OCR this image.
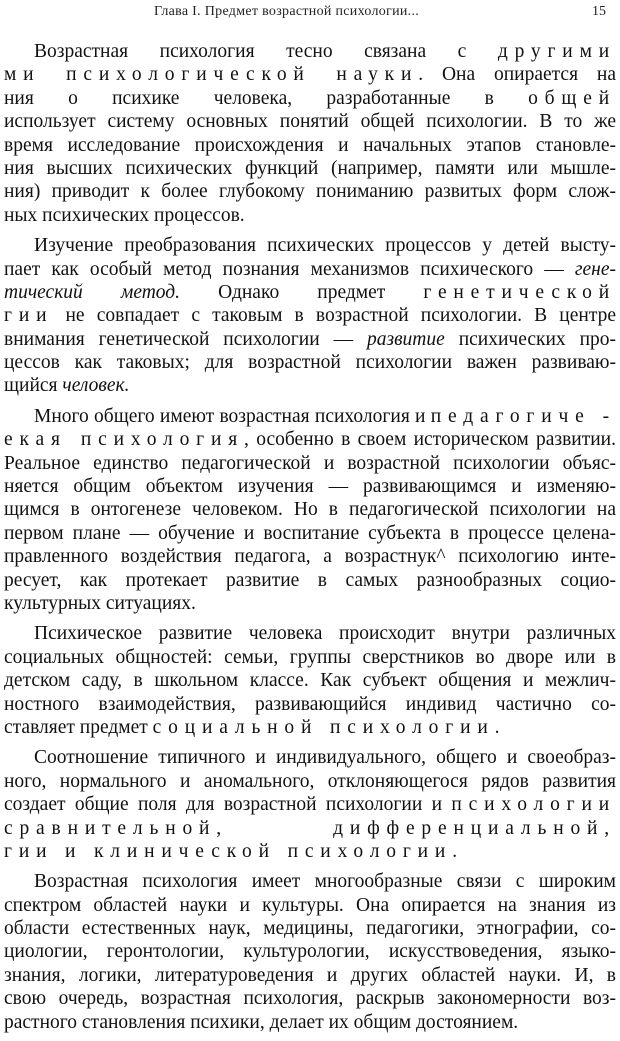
Глава I. Предмет возрастной психологии...	15
Возрастная психология тесно связана с другими
ми психологической науки. Она опирается на
ния о психике человека, разработанные в общей
использует систему основных понятий общей психологии. В то же
время исследование происхождения и начальных этапов становле-
ния высших психических функций (например, памяти или мышле-
ния) приводит к более глубокому пониманию развитых форм слож-
ных психических процессов.
Изучение преобразования психических процессов у детей высту-
пает как особый метод познания механизмов психического — гене-
тический метод. Однако предмет генетической
гии не совпадает с таковым в возрастной психологии. В центре
внимания генетической психологии — развитие психических про-
цессов как таковых; для возрастной психологии важен развиваю-
щийся человек.
Много общего имеют возрастная психология и педагогиче -
екая психология, особенно в своем историческом развитии.
Реальное единство педагогической и возрастной психологии объяс-
няется общим объектом изучения — развивающимся и изменяю-
щимся в онтогенезе человеком. Но в педагогической психологии на
первом плане — обучение и воспитание субъекта в процессе целена-
правленного воздействия педагога, а возрастнук^ психологию инте-
ресует, как протекает развитие в самых разнообразных социо-
культурных ситуациях.
Психическое развитие человека происходит внутри различных
социальных общностей: семьи, группы сверстников во дворе или в
детском саду, в школьном классе. Как субъект общения и межлич-
ностного взаимодействия, развивающийся индивид частично со-
ставляет предмет социальной психологии.
Соотношение типичного и индивидуального, общего и своеобраз-
ного, нормального и аномального, отклоняющегося рядов развития
создает общие поля для возрастной психологии и психологии
сравнительной, дифференциальной,
гии и клинической психологии.
Возрастная психология имеет многообразные связи с широким
спектром областей науки и культуры. Она опирается на знания из
области естественных наук, медицины, педагогики, этнографии, со-
циологии, геронтологии, культурологии, искусствоведения, языко-
знания, логики, литературоведения и других областей науки. И, в
свою очередь, возрастная психология, раскрыв закономерности воз-
растного становления психики, делает их общим достоянием.
